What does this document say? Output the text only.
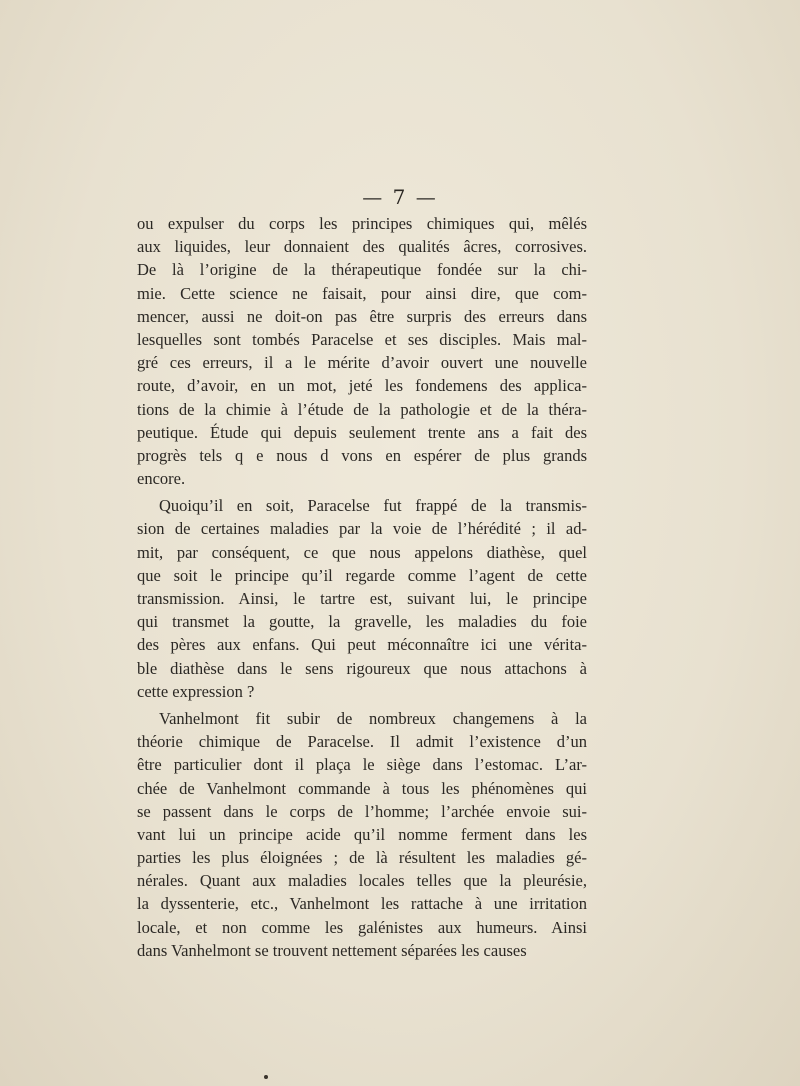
— 7 —
ou expulser du corps les principes chimiques qui, mêlés
aux liquides, leur donnaient des qualités âcres, corrosives.
De là l’origine de la thérapeutique fondée sur la chi-
mie. Cette science ne faisait, pour ainsi dire, que com-
mencer, aussi ne doit-on pas être surpris des erreurs dans
lesquelles sont tombés Paracelse et ses disciples. Mais mal-
gré ces erreurs, il a le mérite d’avoir ouvert une nouvelle
route, d’avoir, en un mot, jeté les fondemens des applica-
tions de la chimie à l’étude de la pathologie et de la théra-
peutique. Étude qui depuis seulement trente ans a fait des
progrès tels q e nous d vons en espérer de plus grands
encore.
Quoiqu’il en soit, Paracelse fut frappé de la transmis-
sion de certaines maladies par la voie de l’hérédité ; il ad-
mit, par conséquent, ce que nous appelons diathèse, quel
que soit le principe qu’il regarde comme l’agent de cette
transmission. Ainsi, le tartre est, suivant lui, le principe
qui transmet la goutte, la gravelle, les maladies du foie
des pères aux enfans. Qui peut méconnaître ici une vérita-
ble diathèse dans le sens rigoureux que nous attachons à
cette expression ?
Vanhelmont fit subir de nombreux changemens à la
théorie chimique de Paracelse. Il admit l’existence d’un
être particulier dont il plaça le siège dans l’estomac. L’ar-
chée de Vanhelmont commande à tous les phénomènes qui
se passent dans le corps de l’homme; l’archée envoie sui-
vant lui un principe acide qu’il nomme ferment dans les
parties les plus éloignées ; de là résultent les maladies gé-
nérales. Quant aux maladies locales telles que la pleurésie,
la dyssenterie, etc., Vanhelmont les rattache à une irritation
locale, et non comme les galénistes aux humeurs. Ainsi
dans Vanhelmont se trouvent nettement séparées les causes
